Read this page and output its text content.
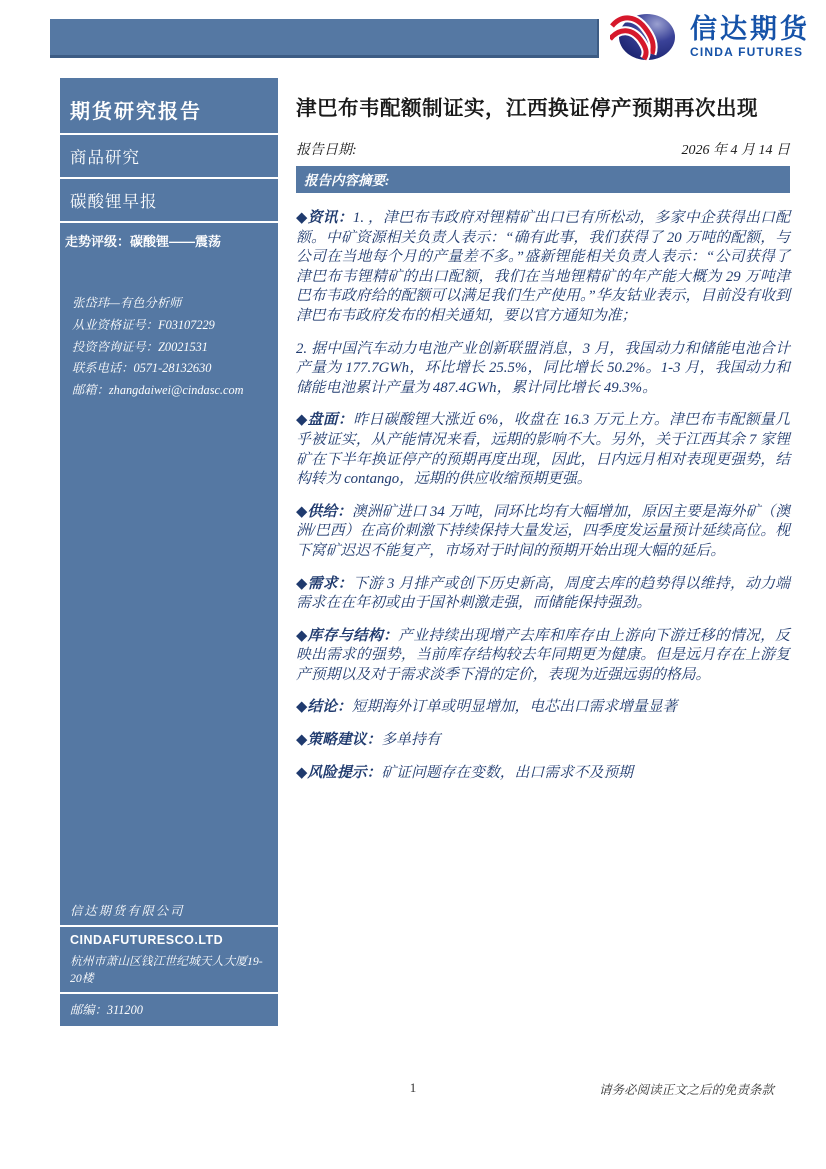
信达期货
CINDA FUTURES
期货研究报告
商品研究
碳酸锂早报
走势评级：碳酸锂——震荡
张岱玮—有色分析师
从业资格证号：F03107229
投资咨询证号：Z0021531
联系电话：0571-28132630
邮箱：zhangdaiwei@cindasc.com
信达期货有限公司
CINDAFUTURESCO.LTD
杭州市萧山区钱江世纪城天人大厦19-20楼
邮编：311200
津巴布韦配额制证实，江西换证停产预期再次出现
报告日期:	2026 年 4 月 14 日
报告内容摘要:

◆资讯：1. ，津巴布韦政府对锂精矿出口已有所松动，多家中企获得出口配额。中矿资源相关负责人表示：“确有此事，我们获得了 20 万吨的配额，与公司在当地每个月的产量差不多。”盛新锂能相关负责人表示：“公司获得了津巴布韦锂精矿的出口配额，我们在当地锂精矿的年产能大概为 29 万吨津巴布韦政府给的配额可以满足我们生产使用。”华友钴业表示，目前没有收到津巴布韦政府发布的相关通知，要以官方通知为准；

2. 据中国汽车动力电池产业创新联盟消息，3 月，我国动力和储能电池合计产量为 177.7GWh，环比增长 25.5%，同比增长 50.2%。1-3 月，我国动力和储能电池累计产量为 487.4GWh，累计同比增长 49.3%。

◆盘面：昨日碳酸锂大涨近 6%，收盘在 16.3 万元上方。津巴布韦配额量几乎被证实，从产能情况来看，远期的影响不大。另外，关于江西其余 7 家锂矿在下半年换证停产的预期再度出现，因此，日内远月相对表现更强势，结构转为 contango，远期的供应收缩预期更强。

◆供给：澳洲矿进口 34 万吨，同环比均有大幅增加，原因主要是海外矿（澳洲/巴西）在高价刺激下持续保持大量发运，四季度发运量预计延续高位。枧下窝矿迟迟不能复产，市场对于时间的预期开始出现大幅的延后。

◆需求：下游 3 月排产或创下历史新高，周度去库的趋势得以维持，动力端需求在在年初或由于国补刺激走强，而储能保持强劲。

◆库存与结构：产业持续出现增产去库和库存由上游向下游迁移的情况，反映出需求的强势，当前库存结构较去年同期更为健康。但是远月存在上游复产预期以及对于需求淡季下滑的定价，表现为近强远弱的格局。

◆结论：短期海外订单或明显增加，电芯出口需求增量显著

◆策略建议：多单持有

◆风险提示：矿证问题存在变数，出口需求不及预期

1	请务必阅读正文之后的免责条款
